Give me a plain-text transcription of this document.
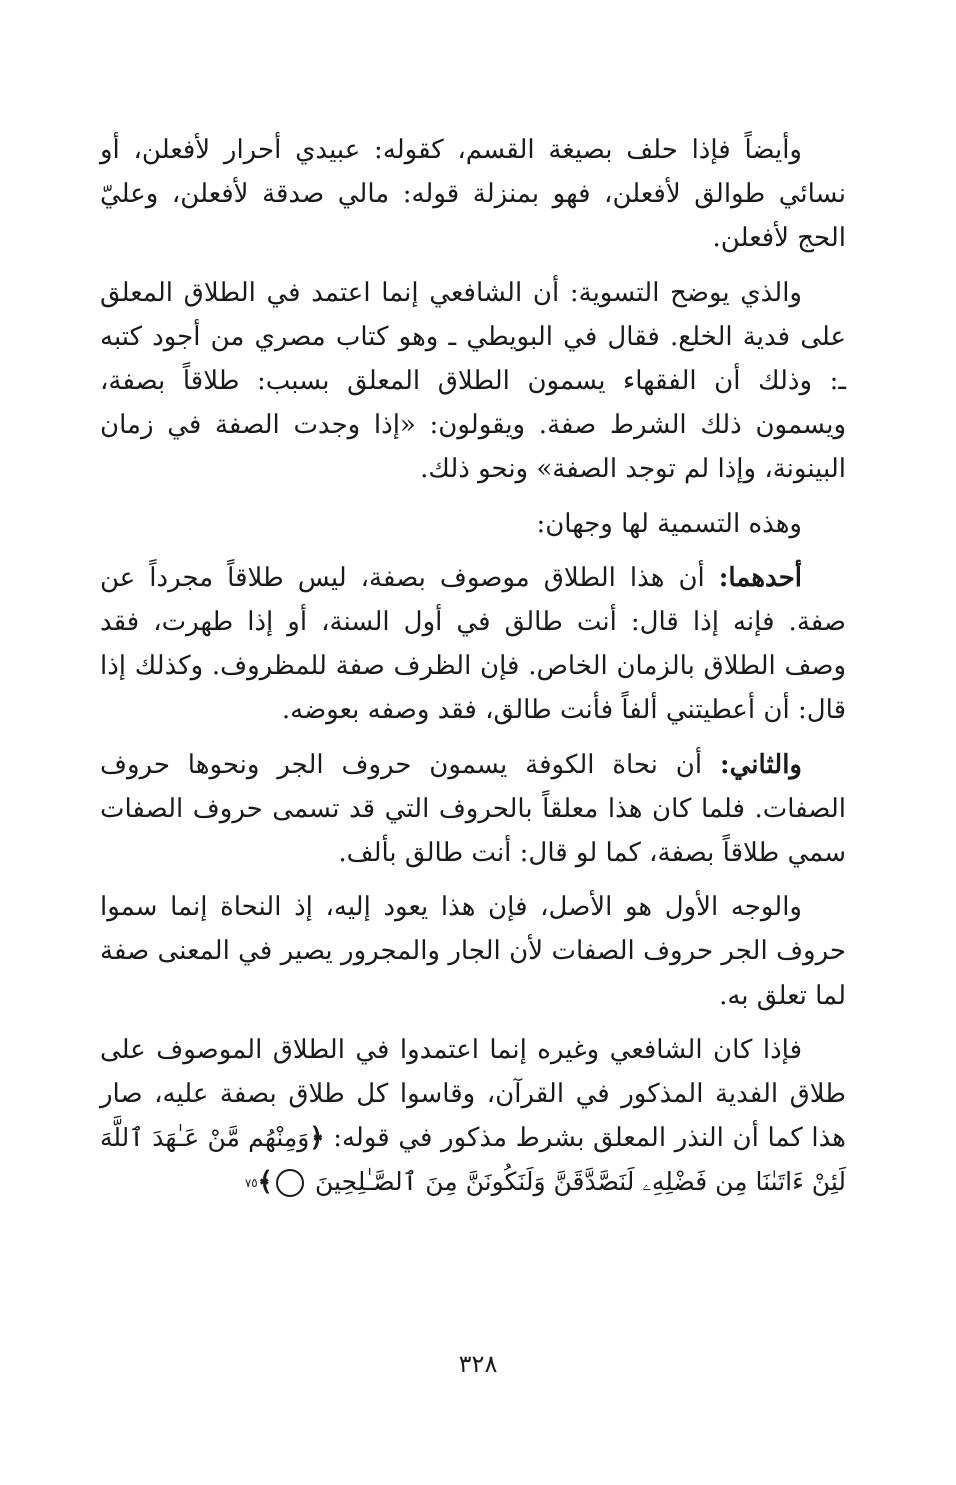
وأيضاً فإذا حلف بصيغة القسم، كقوله: عبيدي أحرار لأفعلن، أو نسائي طوالق لأفعلن، فهو بمنزلة قوله: مالي صدقة لأفعلن، وعليّ الحج لأفعلن.

والذي يوضح التسوية: أن الشافعي إنما اعتمد في الطلاق المعلق على فدية الخلع. فقال في البويطي ـ وهو كتاب مصري من أجود كتبه ـ: وذلك أن الفقهاء يسمون الطلاق المعلق بسبب: طلاقاً بصفة، ويسمون ذلك الشرط صفة. ويقولون: «إذا وجدت الصفة في زمان البينونة، وإذا لم توجد الصفة» ونحو ذلك.

وهذه التسمية لها وجهان:

أحدهما: أن هذا الطلاق موصوف بصفة، ليس طلاقاً مجرداً عن صفة. فإنه إذا قال: أنت طالق في أول السنة، أو إذا طهرت، فقد وصف الطلاق بالزمان الخاص. فإن الظرف صفة للمظروف. وكذلك إذا قال: أن أعطيتني ألفاً فأنت طالق، فقد وصفه بعوضه.

والثاني: أن نحاة الكوفة يسمون حروف الجر ونحوها حروف الصفات. فلما كان هذا معلقاً بالحروف التي قد تسمى حروف الصفات سمي طلاقاً بصفة، كما لو قال: أنت طالق بألف.

والوجه الأول هو الأصل، فإن هذا يعود إليه، إذ النحاة إنما سموا حروف الجر حروف الصفات لأن الجار والمجرور يصير في المعنى صفة لما تعلق به.

فإذا كان الشافعي وغيره إنما اعتمدوا في الطلاق الموصوف على طلاق الفدية المذكور في القرآن، وقاسوا كل طلاق بصفة عليه، صار هذا كما أن النذر المعلق بشرط مذكور في قوله: ﴿وَمِنْهُم مَّنْ عَـٰهَدَ ٱللَّهَ لَئِنْ ءَاتَىٰنَا مِن فَضْلِهِۦ لَنَصَّدَّقَنَّ وَلَنَكُونَنَّ مِنَ ٱلصَّـٰلِحِينَ ٧٥﴾

٣٢٨
